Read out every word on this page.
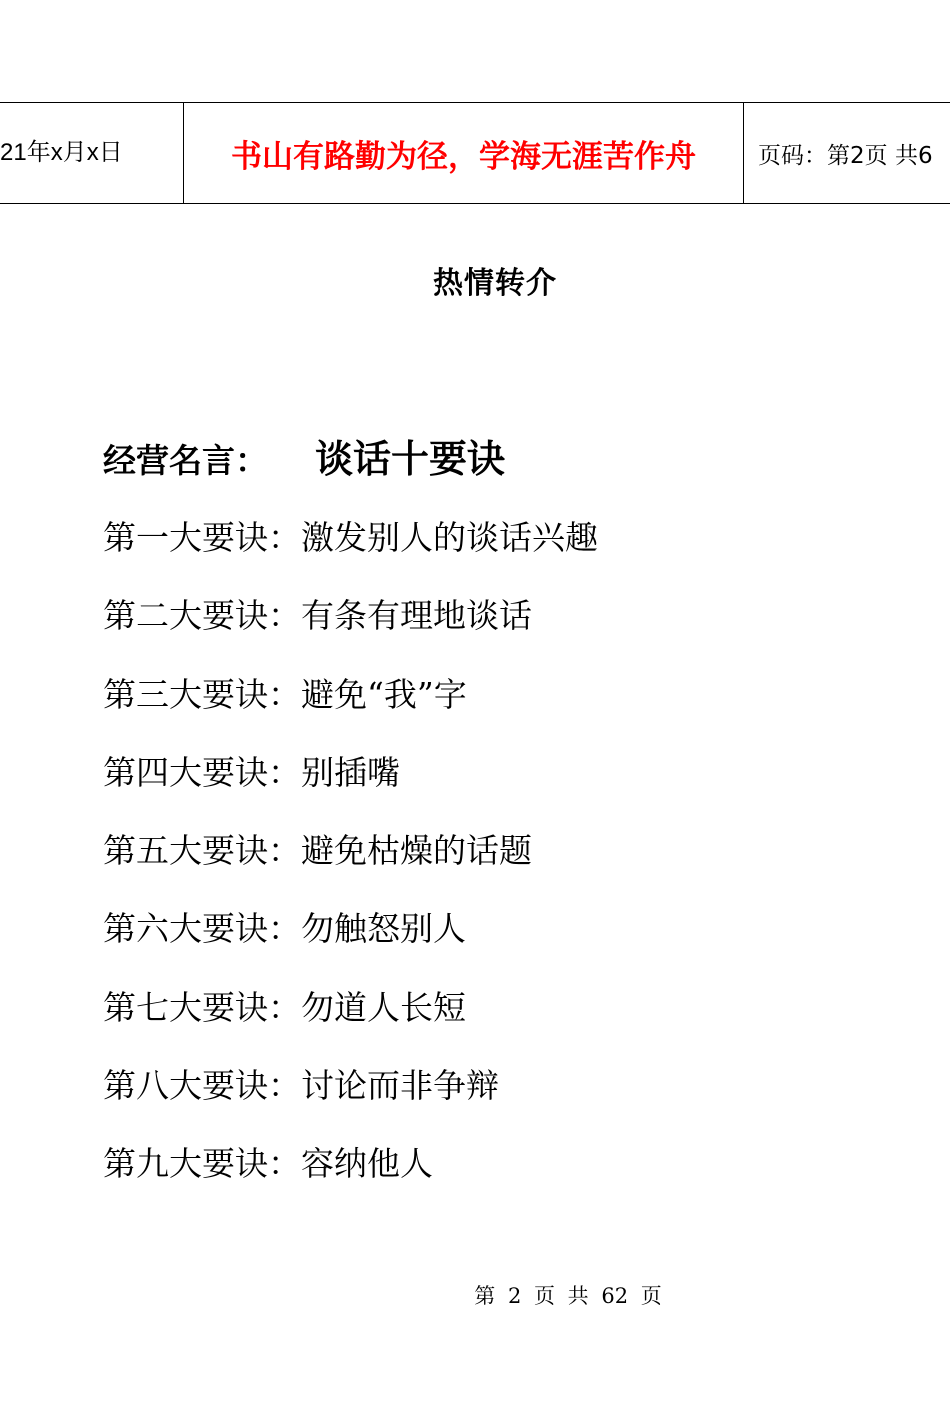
21年x月x日	书山有路勤为径，学海无涯苦作舟	页码：第2页 共6
热情转介
经营名言： 谈话十要诀
第一大要诀：激发别人的谈话兴趣
第二大要诀：有条有理地谈话
第三大要诀：避免“我”字
第四大要诀：别插嘴
第五大要诀：避免枯燥的话题
第六大要诀：勿触怒别人
第七大要诀：勿道人长短
第八大要诀：讨论而非争辩
第九大要诀：容纳他人
第 2 页 共 62 页
